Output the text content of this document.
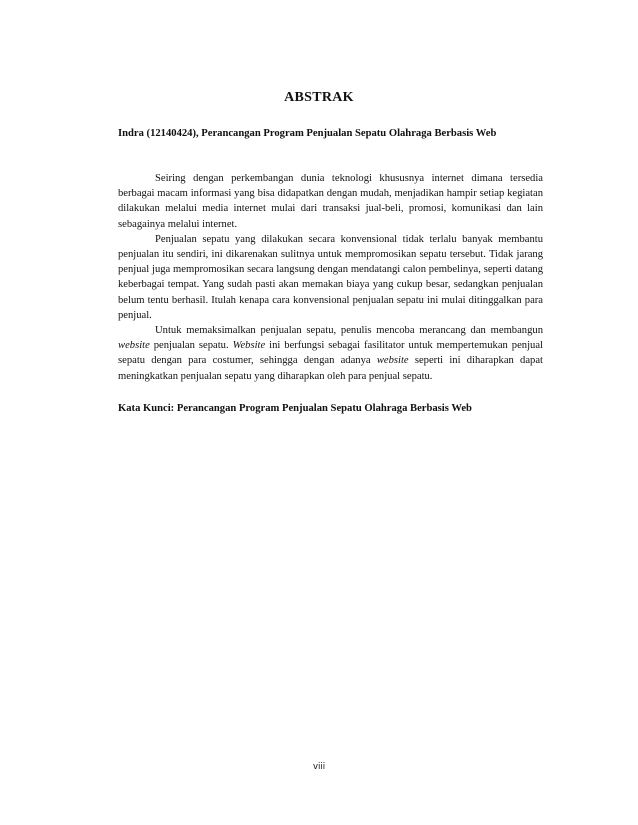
ABSTRAK
Indra (12140424), Perancangan Program Penjualan Sepatu Olahraga Berbasis Web

Seiring dengan perkembangan dunia teknologi khususnya internet dimana tersedia berbagai macam informasi yang bisa didapatkan dengan mudah, menjadikan hampir setiap kegiatan dilakukan melalui media internet mulai dari transaksi jual-beli, promosi, komunikasi dan lain sebagainya melalui internet.

Penjualan sepatu yang dilakukan secara konvensional tidak terlalu banyak membantu penjualan itu sendiri, ini dikarenakan sulitnya untuk mempromosikan sepatu tersebut. Tidak jarang penjual juga mempromosikan secara langsung dengan mendatangi calon pembelinya, seperti datang keberbagai tempat. Yang sudah pasti akan memakan biaya yang cukup besar, sedangkan penjualan belum tentu berhasil. Itulah kenapa cara konvensional penjualan sepatu ini mulai ditinggalkan para penjual.

Untuk memaksimalkan penjualan sepatu, penulis mencoba merancang dan membangun website penjualan sepatu. Website ini berfungsi sebagai fasilitator untuk mempertemukan penjual sepatu dengan para costumer, sehingga dengan adanya website seperti ini diharapkan dapat meningkatkan penjualan sepatu yang diharapkan oleh para penjual sepatu.

Kata Kunci: Perancangan Program Penjualan Sepatu Olahraga Berbasis Web
viii
